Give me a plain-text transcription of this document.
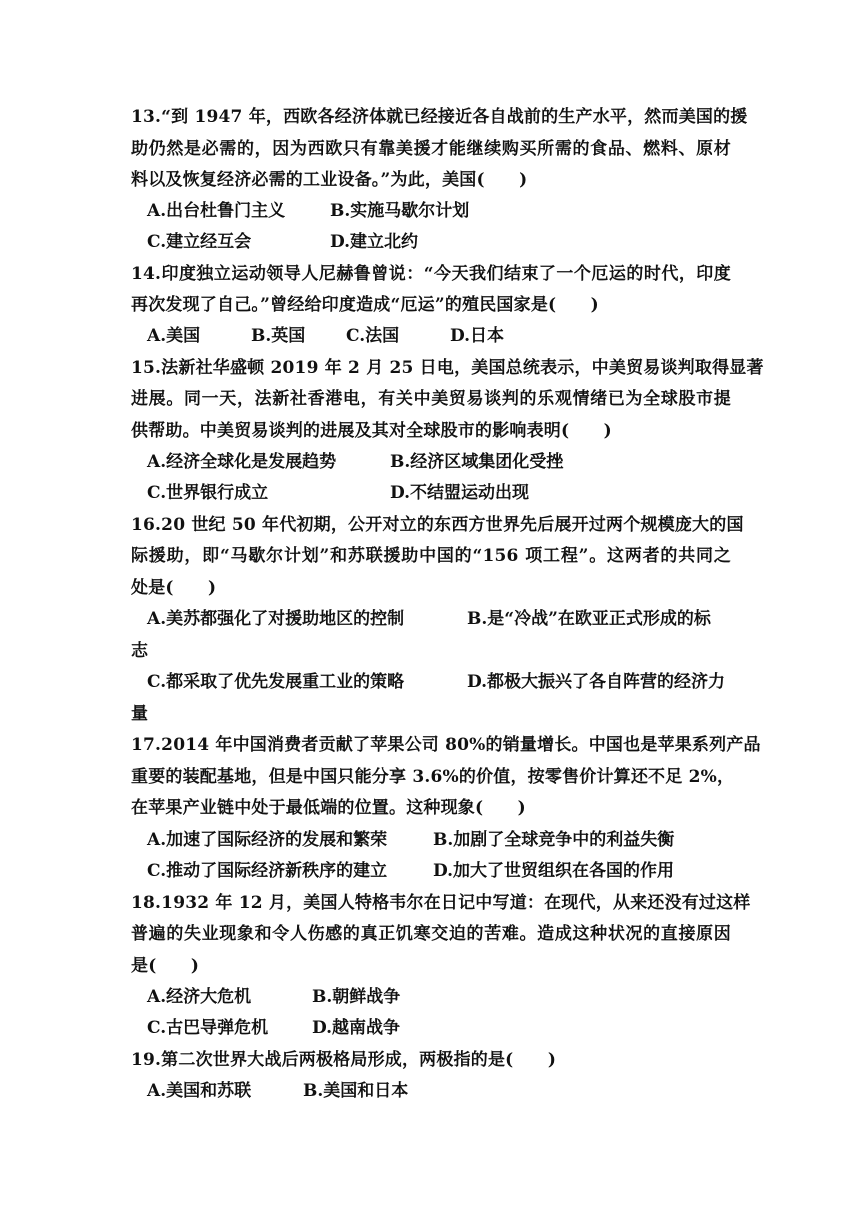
13.“到 1947 年，西欧各经济体就已经接近各自战前的生产水平，然而美国的援
助仍然是必需的，因为西欧只有靠美援才能继续购买所需的食品、燃料、原材
料以及恢复经济必需的工业设备。”为此，美国(　　)
A.出台杜鲁门主义	B.实施马歇尔计划
C.建立经互会	D.建立北约
14.印度独立运动领导人尼赫鲁曾说：“今天我们结束了一个厄运的时代，印度
再次发现了自己。”曾经给印度造成“厄运”的殖民国家是(　　)
A.美国	B.英国 C.法国	D.日本
15.法新社华盛顿 2019 年 2 月 25 日电，美国总统表示，中美贸易谈判取得显著
进展。同一天，法新社香港电，有关中美贸易谈判的乐观情绪已为全球股市提
供帮助。中美贸易谈判的进展及其对全球股市的影响表明(　　)
A.经济全球化是发展趋势	B.经济区域集团化受挫
C.世界银行成立	D.不结盟运动出现
16.20 世纪 50 年代初期，公开对立的东西方世界先后展开过两个规模庞大的国
际援助，即“马歇尔计划”和苏联援助中国的“156 项工程”。这两者的共同之
处是(　　)
A.美苏都强化了对援助地区的控制	B.是“冷战”在欧亚正式形成的标
志
C.都采取了优先发展重工业的策略	D.都极大振兴了各自阵营的经济力
量
17.2014 年中国消费者贡献了苹果公司 80%的销量增长。中国也是苹果系列产品
重要的装配基地，但是中国只能分享 3.6%的价值，按零售价计算还不足 2%，
在苹果产业链中处于最低端的位置。这种现象(　　)
A.加速了国际经济的发展和繁荣	B.加剧了全球竞争中的利益失衡
C.推动了国际经济新秩序的建立	D.加大了世贸组织在各国的作用
18.1932 年 12 月，美国人特格韦尔在日记中写道：在现代，从来还没有过这样
普遍的失业现象和令人伤感的真正饥寒交迫的苦难。造成这种状况的直接原因
是(　　)
A.经济大危机	B.朝鲜战争
C.古巴导弹危机	D.越南战争
19.第二次世界大战后两极格局形成，两极指的是(　　)
A.美国和苏联	B.美国和日本
